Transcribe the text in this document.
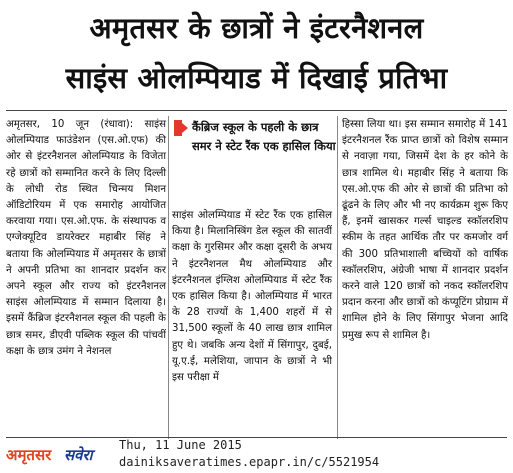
अमृतसर के छात्रों ने इंटरनैशनल
साइंस ओलम्पियाड में दिखाई प्रतिभा

अमृतसर, 10 जून (रंधावा): साइंस ओलम्पियाड फाउंडेशन (एस.ओ.एफ) की ओर से इंटरनैशनल ओलम्पियाड के विजेता रहे छात्रों को सम्मानित करने के लिए दिल्ली के लोधी रोड स्थित चिन्मय मिशन ऑडिटोरियम में एक समारोह आयोजित करवाया गया। एस.ओ.एफ. के संस्थापक व एग्जेक्यूटिव डायरेक्टर महाबीर सिंह ने बताया कि ओलम्पियाड में अमृतसर के छात्रों ने अपनी प्रतिभा का शानदार प्रदर्शन कर अपने स्कूल और राज्य को इंटरनैशनल साइंस ओलम्पियाड में सम्मान दिलाया है। इसमें कैंब्रिज इंटरनैशनल स्कूल की पहली के छात्र समर, डीएवी पब्लिक स्कूल की पांचवीं कक्षा के छात्र उमंग ने नेशनल

कैंब्रिज स्कूल के पहली के छात्र समर ने स्टेट रैंक एक हासिल किया

साइंस ओलम्पियाड में स्टेट रैंक एक हासिल किया है। मिलानिस्त्रिंग डेल स्कूल की सातवीं कक्षा के गुरसिमर और कक्षा दूसरी के अभय ने इंटरनैशनल मैथ ओलम्पियाड और इंटरनैशनल इंग्लिश ओलम्पियाड में स्टेट रैंक एक हासिल किया है। ओलम्पियाड में भारत के 28 राज्यों के 1,400 शहरों में से 31,500 स्कूलों के 40 लाख छात्र शामिल हुए थे। जबकि अन्य देशों में सिंगापुर, दुबई, यू.ए.ई, मलेशिया, जापान के छात्रों ने भी इस परीक्षा में

हिस्सा लिया था। इस सम्मान समारोह में 141 इंटरनैशनल रैंक प्राप्त छात्रों को विशेष सम्मान से नवाज़ा गया, जिसमें देश के हर कोने के छात्र शामिल थे। महाबीर सिंह ने बताया कि एस.ओ.एफ की ओर से छात्रों की प्रतिभा को ढूंढने के लिए और भी नए कार्यक्रम शुरू किए हैं, इनमें खासकर गर्ल्स चाइल्ड स्कॉलरशिप स्कीम के तहत आर्थिक तौर पर कमजोर वर्ग की 300 प्रतिभाशाली बच्चियों को वार्षिक स्कॉलरशिप, अंग्रेजी भाषा में शानदार प्रदर्शन करने वाले 120 छात्रों को नकद स्कॉलरशिप प्रदान करना और छात्रों को कंप्यूटिंग प्रोग्राम में शामिल होने के लिए सिंगापुर भेजना आदि प्रमुख रूप से शामिल है।

अमृतसर सवेरा
Thu, 11 June 2015
dainiksaveratimes.epapr.in/c/5521954
